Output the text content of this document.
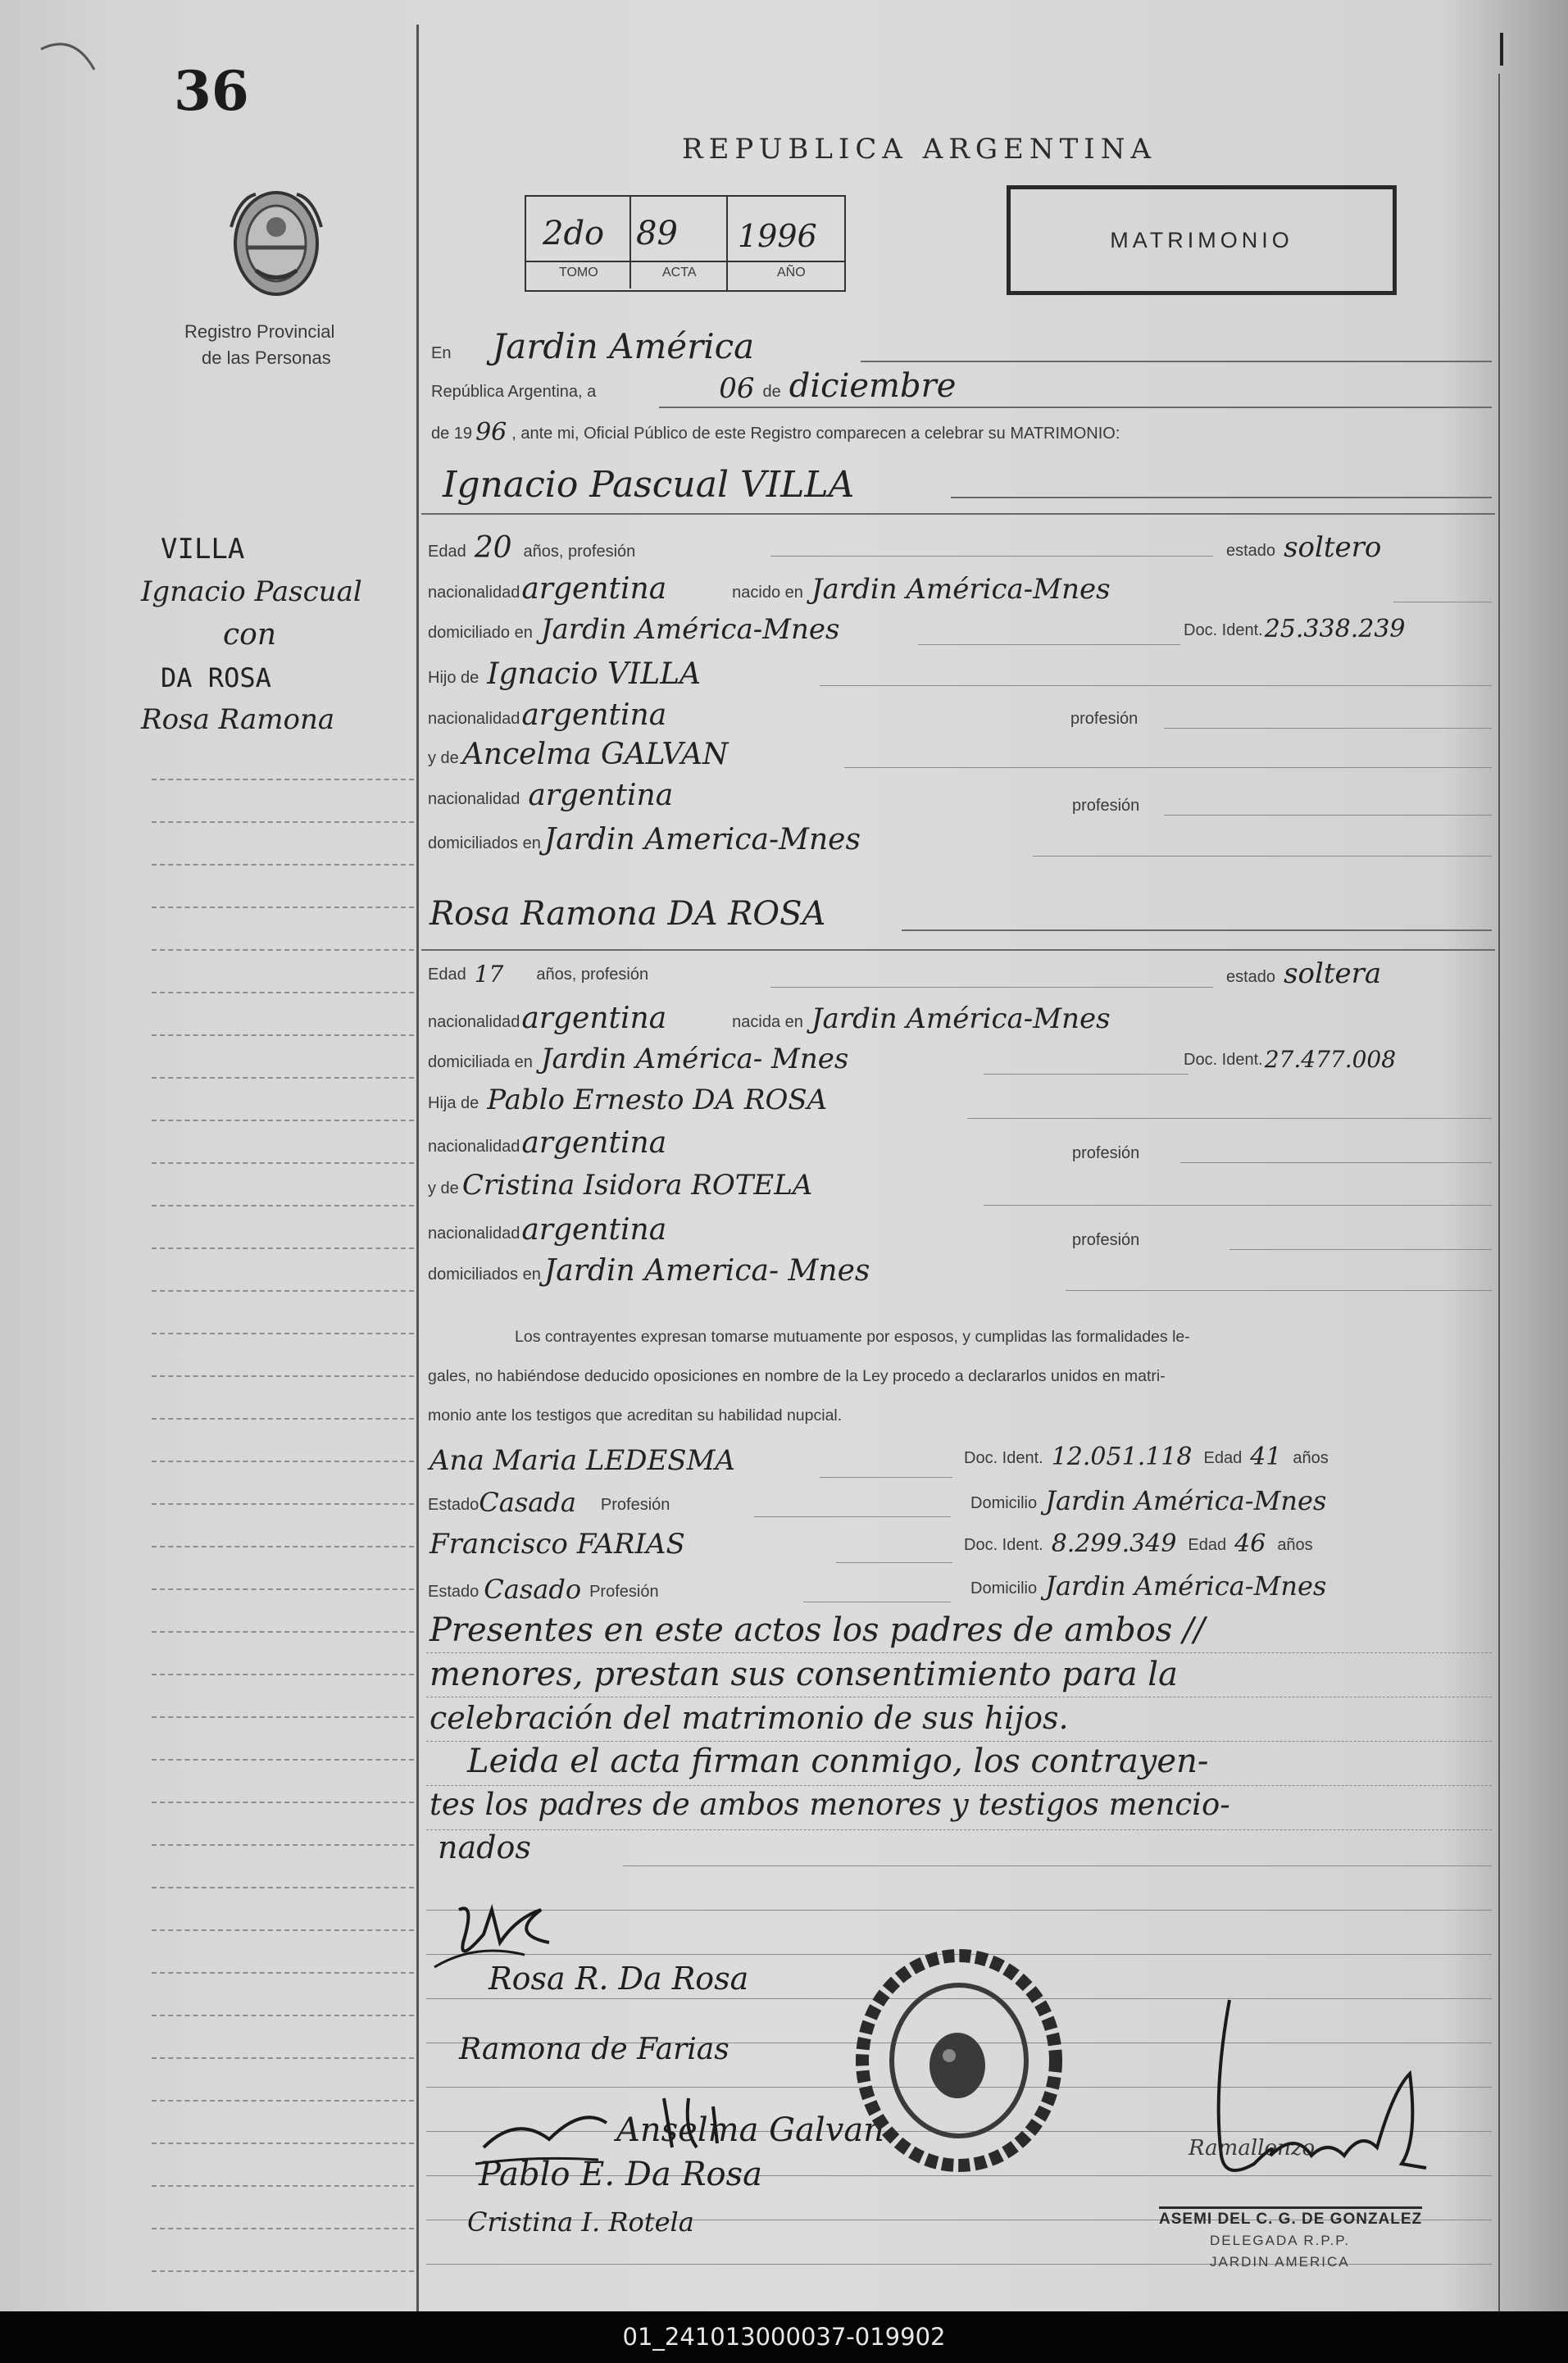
36
Registro Provincial
de las Personas
REPUBLICA ARGENTINA
2do 89 1996
TOMO	ACTA	AÑO
MATRIMONIO
En Jardin América
República Argentina, a	06 de diciembre
de 19 96 , ante mi, Oficial Público de este Registro comparecen a celebrar su MATRIMONIO:
VILLA
Ignacio Pascual
con
DA ROSA
Rosa Ramona
Ignacio Pascual VILLA
Edad 20 años, profesión	estado soltero
nacionalidad argentina	nacido en Jardin América-Mnes
domiciliado en Jardin América-Mnes	Doc. Ident. 25.338.239
Hijo de Ignacio VILLA
nacionalidad argentina	profesión
y de Ancelma GALVAN
nacionalidad argentina	profesión
domiciliados en Jardin America-Mnes
Rosa Ramona DA ROSA
Edad 17 años, profesión	estado soltera
nacionalidad argentina	nacida en Jardin América-Mnes
domiciliada en Jardin América- Mnes	Doc. Ident. 27.477.008
Hija de Pablo Ernesto DA ROSA
nacionalidad argentina	profesión
y de Cristina Isidora ROTELA
nacionalidad argentina	profesión
domiciliados en Jardin America- Mnes
Los contrayentes expresan tomarse mutuamente por esposos, y cumplidas las formalidades le-
gales, no habiéndose deducido oposiciones en nombre de la Ley procedo a declararlos unidos en matri-
monio ante los testigos que acreditan su habilidad nupcial.
Ana Maria LEDESMA	Doc. Ident. 12.051.118 Edad 41 años
Estado Casada Profesión	Domicilio Jardin América-Mnes
Francisco FARIAS	Doc. Ident. 8.299.349 Edad 46 años
Estado Casado Profesión	Domicilio Jardin América-Mnes
Presentes en este actos los padres de ambos //
menores, prestan sus consentimiento para la
celebración del matrimonio de sus hijos.
Leida el acta firman conmigo, los contrayen-
tes los padres de ambos menores y testigos mencio-
nados
Rosa R. Da Rosa
Ramona de Farias
Anselma Galvan
Pablo E. Da Rosa
Cristina I. Rotela
Ramallonzo
ASEMI DEL C. G. DE GONZALEZ
DELEGADA R.P.P.
JARDIN AMERICA
01_241013000037-019902
